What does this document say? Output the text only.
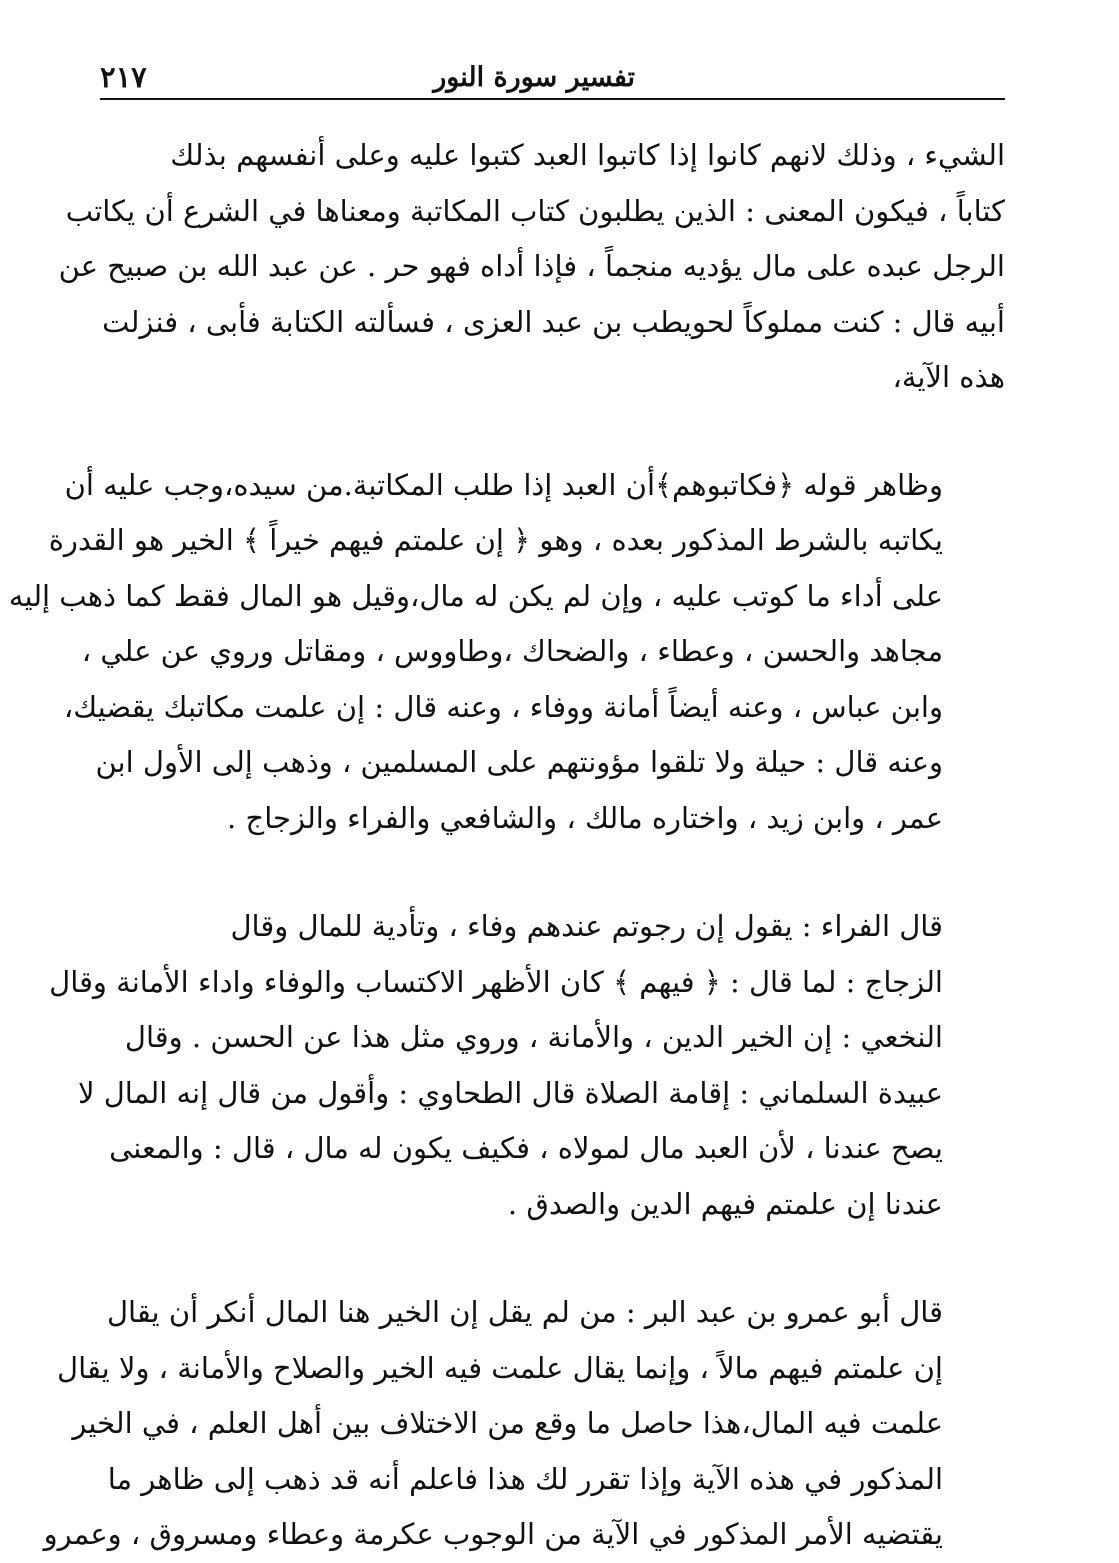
تفسير سورة النور
٢١٧

الشيء ، وذلك لانهم كانوا إذا كاتبوا العبد كتبوا عليه وعلى أنفسهم بذلك
كتاباً ، فيكون المعنى : الذين يطلبون كتاب المكاتبة ومعناها في الشرع أن يكاتب
الرجل عبده على مال يؤديه منجماً ، فإذا أداه فهو حر . عن عبد الله بن صبيح عن
أبيه قال : كنت مملوكاً لحويطب بن عبد العزى ، فسألته الكتابة فأبى ، فنزلت
هذه الآية،

وظاهر قوله ﴿فكاتبوهم﴾أن العبد إذا طلب المكاتبة.من سيده،وجب عليه أن
يكاتبه بالشرط المذكور بعده ، وهو ﴿ إن علمتم فيهم خيراً ﴾ الخير هو القدرة
على أداء ما كوتب عليه ، وإن لم يكن له مال،وقيل هو المال فقط كما ذهب إليه
مجاهد والحسن ، وعطاء ، والضحاك ،وطاووس ، ومقاتل وروي عن علي ،
وابن عباس ، وعنه أيضاً أمانة ووفاء ، وعنه قال : إن علمت مكاتبك يقضيك،
وعنه قال : حيلة ولا تلقوا مؤونتهم على المسلمين ، وذهب إلى الأول ابن
عمر ، وابن زيد ، واختاره مالك ، والشافعي والفراء والزجاج .

قال الفراء : يقول إن رجوتم عندهم وفاء ، وتأدية للمال وقال
الزجاج : لما قال : ﴿ فيهم ﴾ كان الأظهر الاكتساب والوفاء واداء الأمانة وقال
النخعي : إن الخير الدين ، والأمانة ، وروي مثل هذا عن الحسن . وقال
عبيدة السلماني : إقامة الصلاة قال الطحاوي : وأقول من قال إنه المال لا
يصح عندنا ، لأن العبد مال لمولاه ، فكيف يكون له مال ، قال : والمعنى
عندنا إن علمتم فيهم الدين والصدق .

قال أبو عمرو بن عبد البر : من لم يقل إن الخير هنا المال أنكر أن يقال
إن علمتم فيهم مالاً ، وإنما يقال علمت فيه الخير والصلاح والأمانة ، ولا يقال
علمت فيه المال،هذا حاصل ما وقع من الاختلاف بين أهل العلم ، في الخير
المذكور في هذه الآية وإذا تقرر لك هذا فاعلم أنه قد ذهب إلى ظاهر ما
يقتضيه الأمر المذكور في الآية من الوجوب عكرمة وعطاء ومسروق ، وعمرو
